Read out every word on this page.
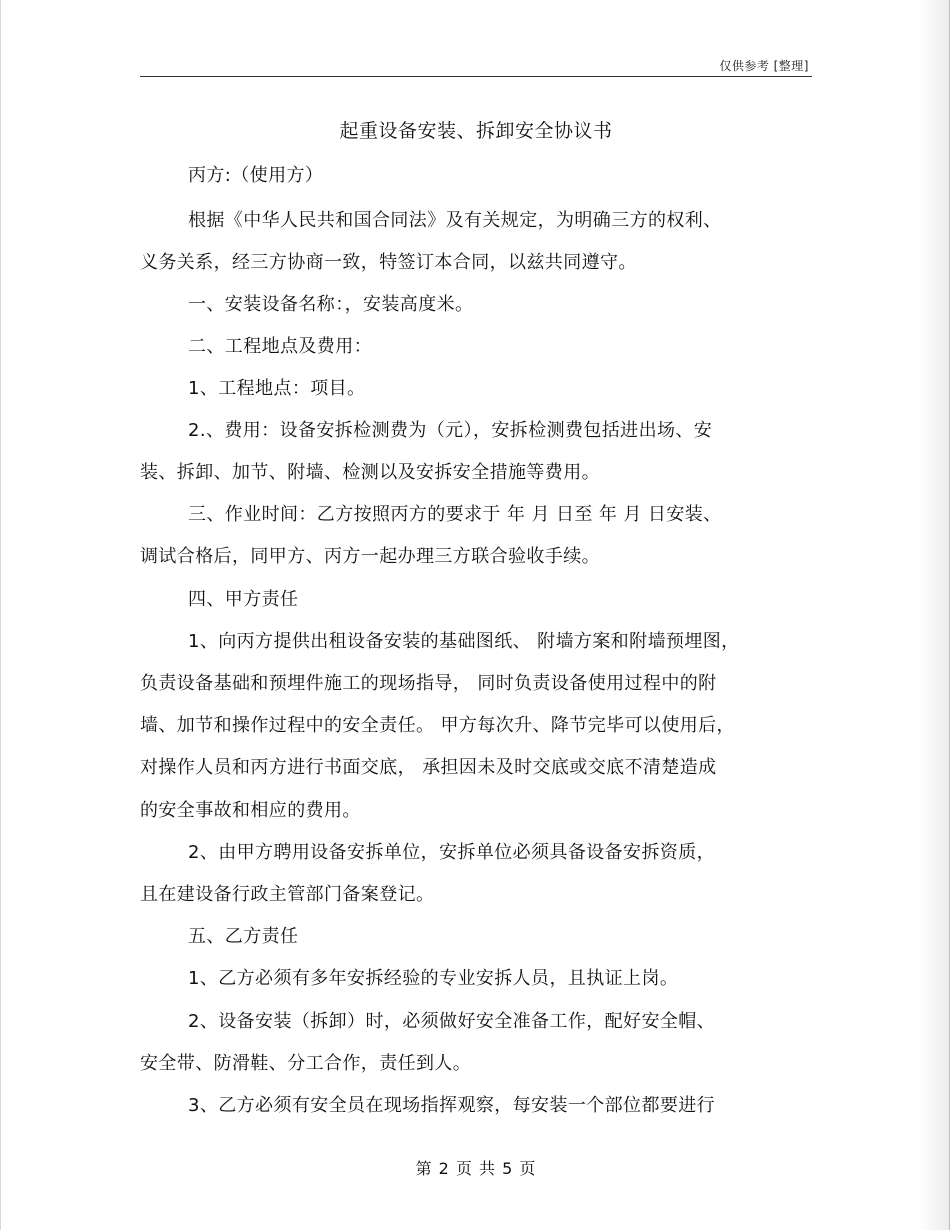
仅供参考 [整理]
起重设备安装、拆卸安全协议书
丙方:（使用方）
根据《中华人民共和国合同法》及有关规定，为明确三方的权利、
义务关系，经三方协商一致，特签订本合同，以兹共同遵守。
一、安装设备名称：，安装高度米。
二、工程地点及费用：
1、工程地点：项目。
2.、费用：设备安拆检测费为（元），安拆检测费包括进出场、安
装、拆卸、加节、附墙、检测以及安拆安全措施等费用。
三、作业时间：乙方按照丙方的要求于 年 月 日至 年 月 日安装、
调试合格后，同甲方、丙方一起办理三方联合验收手续。
四、甲方责任
1、向丙方提供出租设备安装的基础图纸、 附墙方案和附墙预埋图，
负责设备基础和预埋件施工的现场指导， 同时负责设备使用过程中的附
墙、加节和操作过程中的安全责任。 甲方每次升、降节完毕可以使用后，
对操作人员和丙方进行书面交底， 承担因未及时交底或交底不清楚造成
的安全事故和相应的费用。
2、由甲方聘用设备安拆单位，安拆单位必须具备设备安拆资质，
且在建设备行政主管部门备案登记。
五、乙方责任
1、乙方必须有多年安拆经验的专业安拆人员，且执证上岗。
2、设备安装（拆卸）时，必须做好安全准备工作，配好安全帽、
安全带、防滑鞋、分工合作，责任到人。
3、乙方必须有安全员在现场指挥观察，每安装一个部位都要进行
第 2 页 共 5 页
